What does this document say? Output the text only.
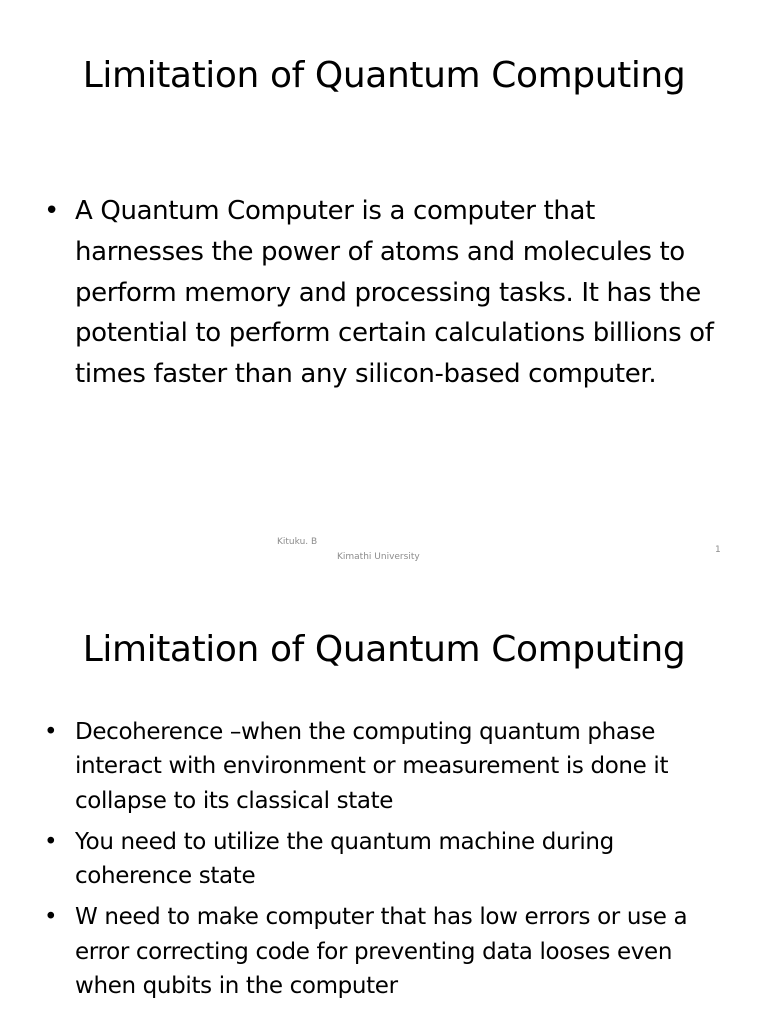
Limitation of Quantum Computing
• A Quantum Computer is a computer that harnesses the power of atoms and molecules to perform memory and processing tasks. It has the potential to perform certain calculations billions of times faster than any silicon-based computer.
Kituku. B
Kimathi University
1
Limitation of Quantum Computing
• Decoherence –when the computing quantum phase interact with environment or measurement is done it collapse to its classical state
• You need to utilize the quantum machine during coherence state
• W need to make computer that has low errors or use a error correcting code for preventing data looses even when qubits in the computer
